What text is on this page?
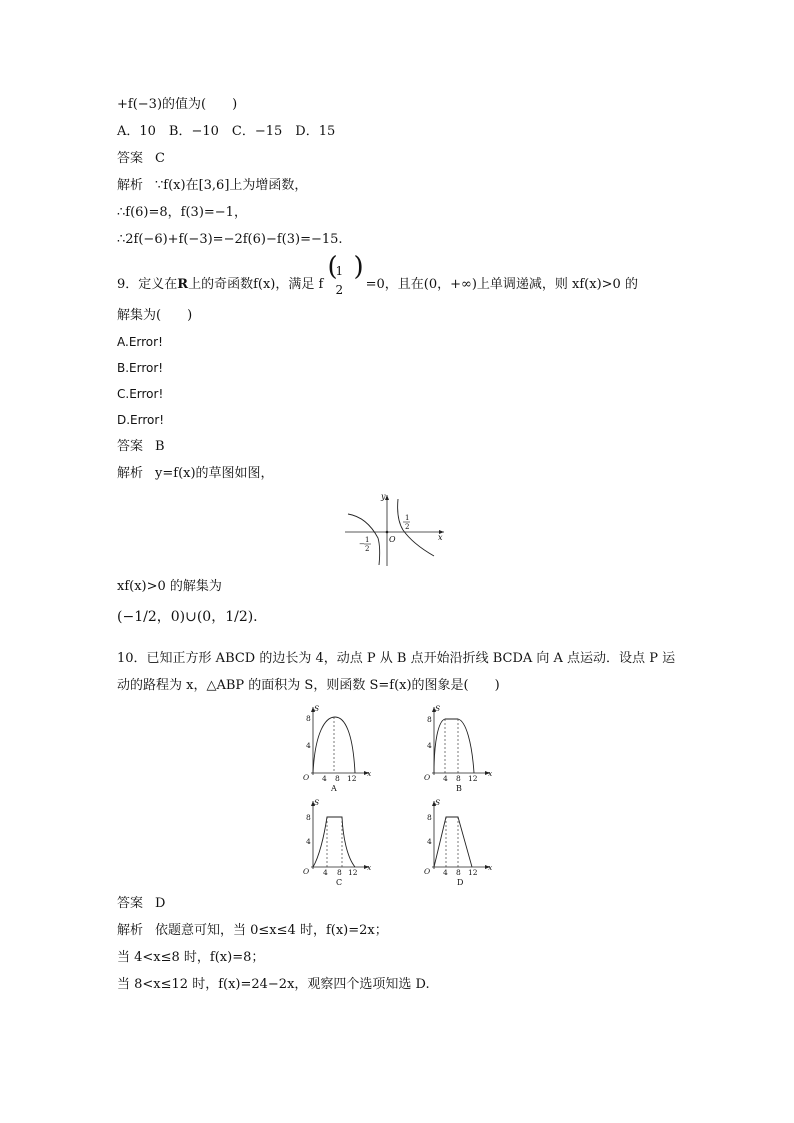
+f(−3)的值为(　　)
A．10　B．−10　C．−15　D．15
答案 C
解析 ∵f(x)在[3,6]上为增函数，
∴f(6)=8，f(3)=−1，
∴2f(−6)+f(−3)=−2f(6)−f(3)=−15.
9．定义在R上的奇函数f(x)，满足 f
(
1
2
)
=0，且在(0，+∞)上单调递减，则 xf(x)>0 的
解集为(　　)
A.Error!
B.Error!
C.Error!
D.Error!
答案 B
解析 y=f(x)的草图如图，
y
x
O
1
2
− 1
2
xf(x)>0 的解集为
(−1/2，0)∪(0，1/2).
10．已知正方形 ABCD 的边长为 4，动点 P 从 B 点开始沿折线 BCDA 向 A 点运动．设点 P 运
动的路程为 x，△ABP 的面积为 S，则函数 S=f(x)的图象是(　　)
S
x
O
8
4
4 8 12
A
S
x
O
8
4
4 8 12
B
S
x
O
8
4
4 8 12
C
S
x
O
8
4
4 8 12
D
答案 D
解析 依题意可知，当 0≤x≤4 时，f(x)=2x；
当 4<x≤8 时，f(x)=8；
当 8<x≤12 时，f(x)=24−2x，观察四个选项知选 D.
